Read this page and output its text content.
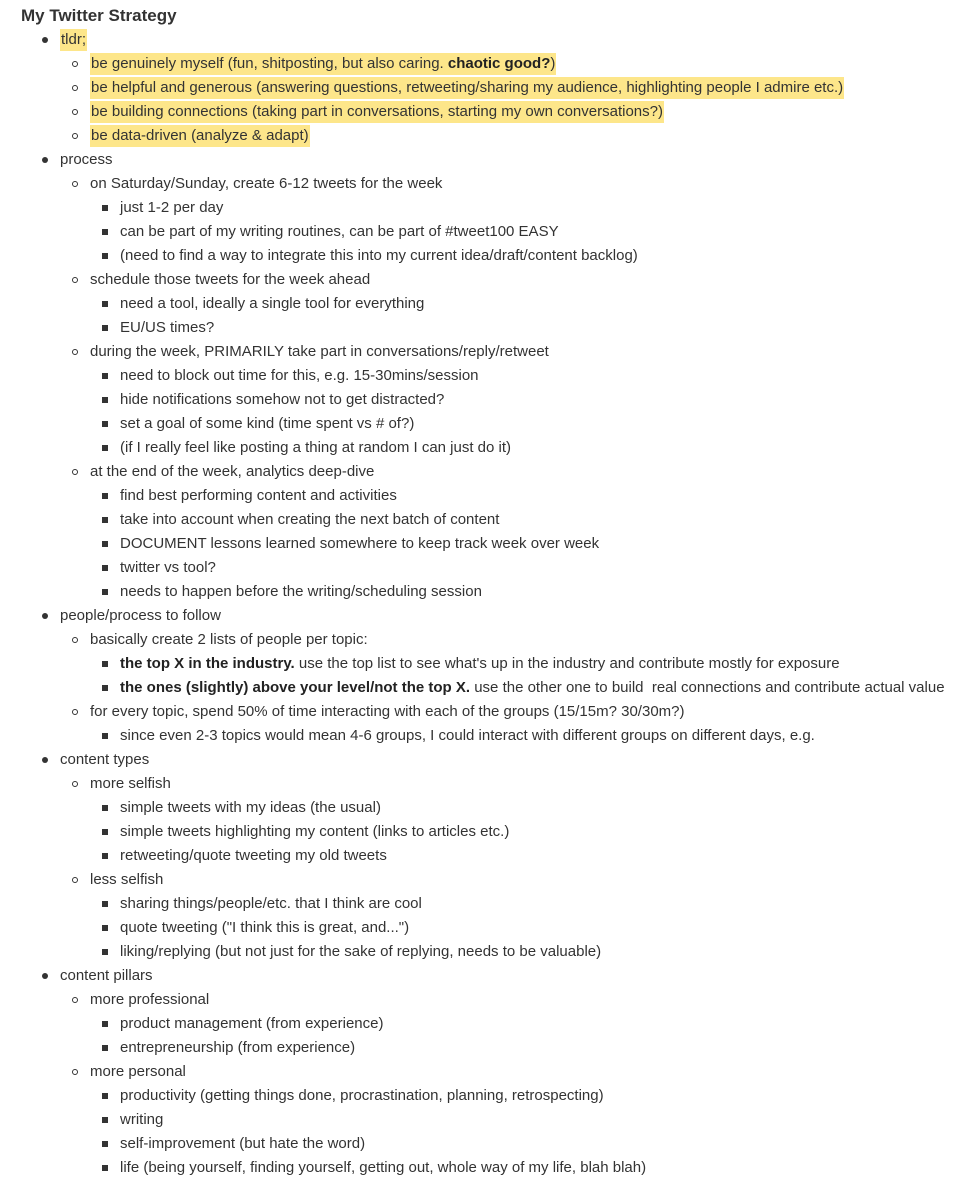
My Twitter Strategy
tldr;
be genuinely myself (fun, shitposting, but also caring. chaotic good?)
be helpful and generous (answering questions, retweeting/sharing my audience, highlighting people I admire etc.)
be building connections (taking part in conversations, starting my own conversations?)
be data-driven (analyze & adapt)
process
on Saturday/Sunday, create 6-12 tweets for the week
just 1-2 per day
can be part of my writing routines, can be part of #tweet100 EASY
(need to find a way to integrate this into my current idea/draft/content backlog)
schedule those tweets for the week ahead
need a tool, ideally a single tool for everything
EU/US times?
during the week, PRIMARILY take part in conversations/reply/retweet
need to block out time for this, e.g. 15-30mins/session
hide notifications somehow not to get distracted?
set a goal of some kind (time spent vs # of?)
(if I really feel like posting a thing at random I can just do it)
at the end of the week, analytics deep-dive
find best performing content and activities
take into account when creating the next batch of content
DOCUMENT lessons learned somewhere to keep track week over week
twitter vs tool?
needs to happen before the writing/scheduling session
people/process to follow
basically create 2 lists of people per topic:
the top X in the industry. use the top list to see what's up in the industry and contribute mostly for exposure
the ones (slightly) above your level/not the top X. use the other one to build  real connections and contribute actual value
for every topic, spend 50% of time interacting with each of the groups (15/15m? 30/30m?)
since even 2-3 topics would mean 4-6 groups, I could interact with different groups on different days, e.g.
content types
more selfish
simple tweets with my ideas (the usual)
simple tweets highlighting my content (links to articles etc.)
retweeting/quote tweeting my old tweets
less selfish
sharing things/people/etc. that I think are cool
quote tweeting ("I think this is great, and...")
liking/replying (but not just for the sake of replying, needs to be valuable)
content pillars
more professional
product management (from experience)
entrepreneurship (from experience)
more personal
productivity (getting things done, procrastination, planning, retrospecting)
writing
self-improvement (but hate the word)
life (being yourself, finding yourself, getting out, whole way of my life, blah blah)
